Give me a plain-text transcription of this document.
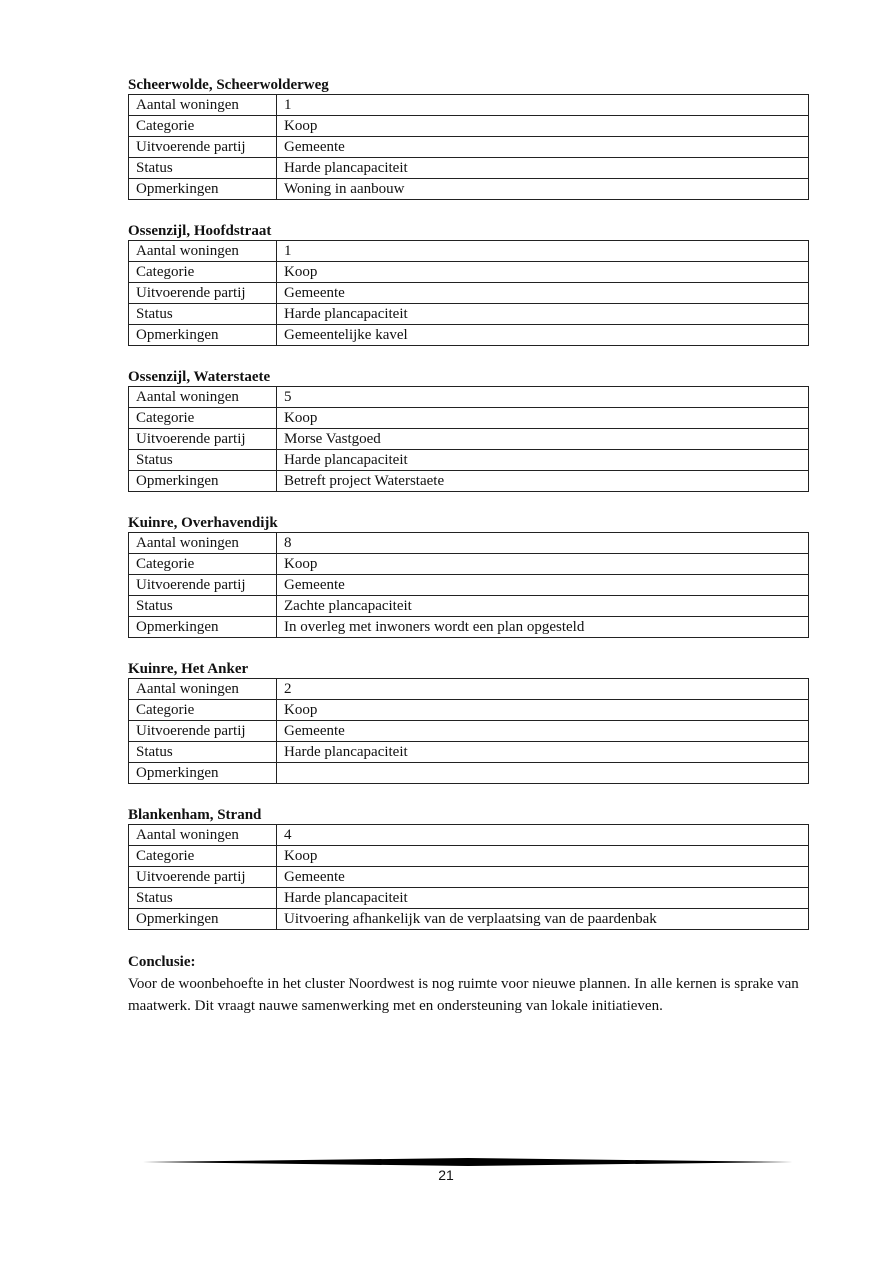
Scheerwolde, Scheerwolderweg
Aantal woningen	1
Categorie	Koop
Uitvoerende partij	Gemeente
Status	Harde plancapaciteit
Opmerkingen	Woning in aanbouw
Ossenzijl, Hoofdstraat
Aantal woningen	1
Categorie	Koop
Uitvoerende partij	Gemeente
Status	Harde plancapaciteit
Opmerkingen	Gemeentelijke kavel
Ossenzijl, Waterstaete
Aantal woningen	5
Categorie	Koop
Uitvoerende partij	Morse Vastgoed
Status	Harde plancapaciteit
Opmerkingen	Betreft project Waterstaete
Kuinre, Overhavendijk
Aantal woningen	8
Categorie	Koop
Uitvoerende partij	Gemeente
Status	Zachte plancapaciteit
Opmerkingen	In overleg met inwoners wordt een plan opgesteld
Kuinre, Het Anker
Aantal woningen	2
Categorie	Koop
Uitvoerende partij	Gemeente
Status	Harde plancapaciteit
Opmerkingen	
Blankenham, Strand
Aantal woningen	4
Categorie	Koop
Uitvoerende partij	Gemeente
Status	Harde plancapaciteit
Opmerkingen	Uitvoering afhankelijk van de verplaatsing van de paardenbak
Conclusie:
Voor de woonbehoefte in het cluster Noordwest is nog ruimte voor nieuwe plannen. In alle kernen is sprake van maatwerk. Dit vraagt nauwe samenwerking met en ondersteuning van lokale initiatieven.
21
